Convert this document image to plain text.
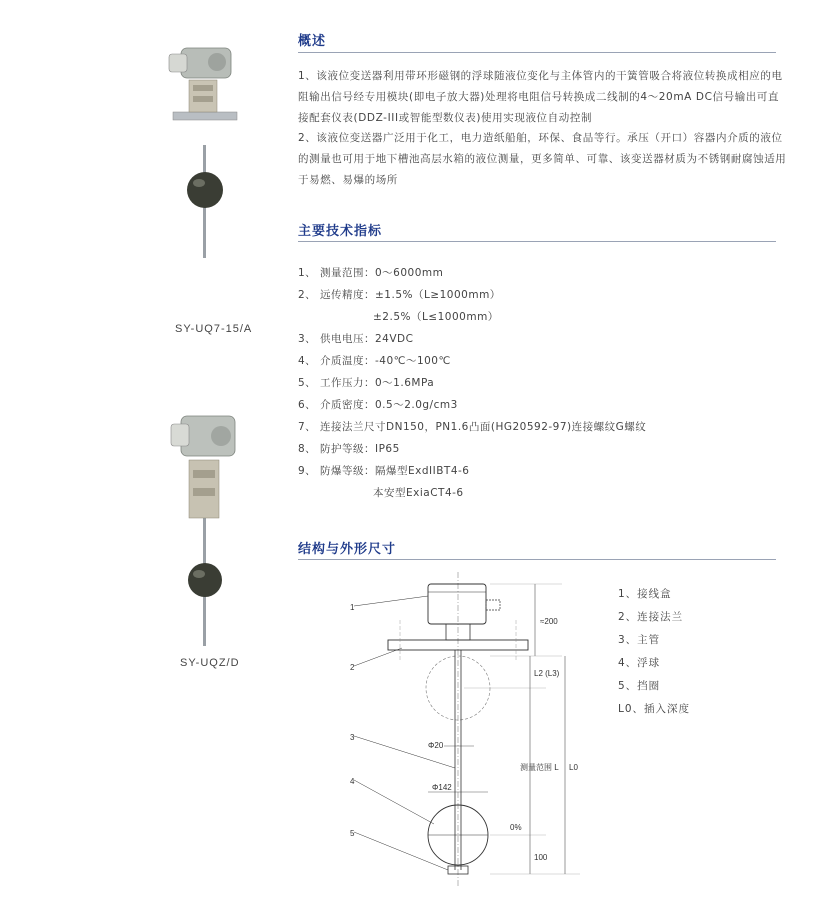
SY-UQ7-15/A
SY-UQZ/D
概述
1、该液位变送器利用带环形磁钢的浮球随液位变化与主体管内的干簧管吸合将液位转换成相应的电阻输出信号经专用模块(即电子放大器)处理将电阻信号转换成二线制的4～20mA DC信号输出可直接配套仪表(DDZ-III或智能型数仪表)使用实现液位自动控制
2、该液位变送器广泛用于化工，电力造纸船舶，环保、食品等行。承压（开口）容器内介质的液位的测量也可用于地下槽池高层水箱的液位测量，更多简单、可靠、该变送器材质为不锈钢耐腐蚀适用于易燃、易爆的场所
主要技术指标
1、 测量范围：0～6000mm
2、 远传精度：±1.5%（L≥1000mm）
±2.5%（L≤1000mm）
3、 供电电压：24VDC
4、 介质温度：-40℃～100℃
5、 工作压力：0～1.6MPa
6、 介质密度：0.5～2.0g/cm3
7、 连接法兰尺寸DN150，PN1.6凸面(HG20592-97)连接螺纹G螺纹
8、 防护等级：IP65
9、 防爆等级：隔爆型ExdIIBT4-6
本安型ExiaCT4-6
结构与外形尺寸
Φ20
Φ142
1
2
3
4
5
≈200
L2 (L3)
测量范围 L
0%
100
L0
1、接线盒
2、连接法兰
3、主管
4、浮球
5、挡圈
L0、插入深度
